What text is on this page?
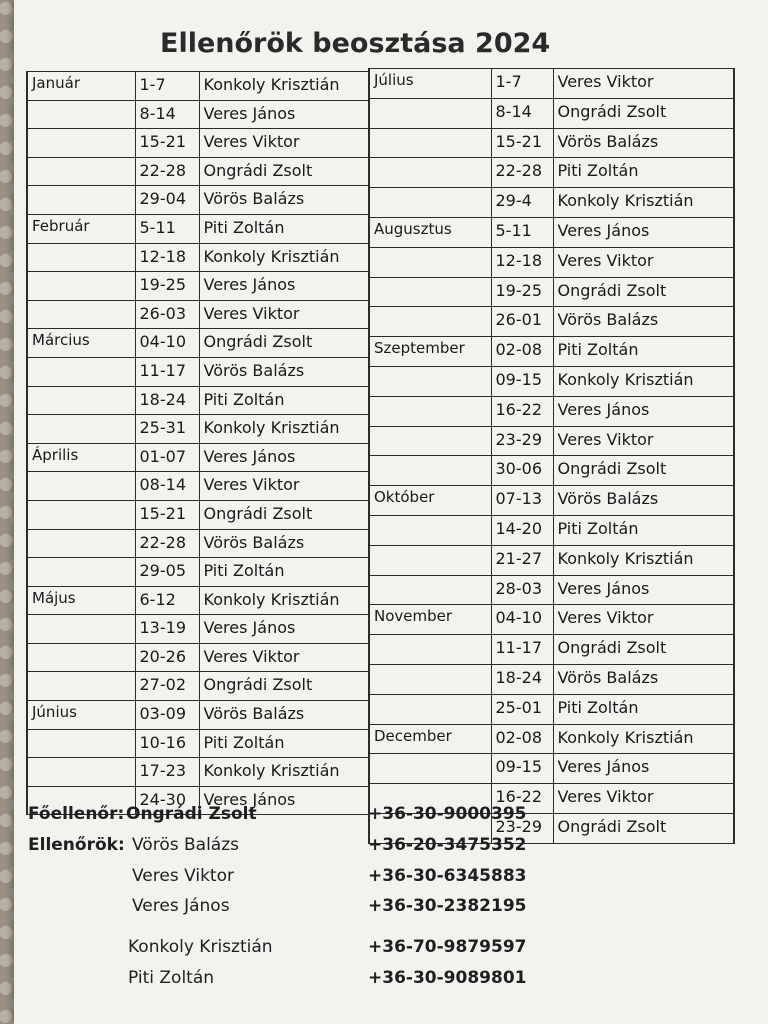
Ellenőrök beosztása 2024
Január	1-7	Konkoly Krisztián
	8-14	Veres János
	15-21	Veres Viktor
	22-28	Ongrádi Zsolt
	29-04	Vörös Balázs
Február	5-11	Piti Zoltán
	12-18	Konkoly Krisztián
	19-25	Veres János
	26-03	Veres Viktor
Március	04-10	Ongrádi Zsolt
	11-17	Vörös Balázs
	18-24	Piti Zoltán
	25-31	Konkoly Krisztián
Április	01-07	Veres János
	08-14	Veres Viktor
	15-21	Ongrádi Zsolt
	22-28	Vörös Balázs
	29-05	Piti Zoltán
Május	6-12	Konkoly Krisztián
	13-19	Veres János
	20-26	Veres Viktor
	27-02	Ongrádi Zsolt
Június	03-09	Vörös Balázs
	10-16	Piti Zoltán
	17-23	Konkoly Krisztián
	24-30	Veres János
Július	1-7	Veres Viktor
	8-14	Ongrádi Zsolt
	15-21	Vörös Balázs
	22-28	Piti Zoltán
	29-4	Konkoly Krisztián
Augusztus	5-11	Veres János
	12-18	Veres Viktor
	19-25	Ongrádi Zsolt
	26-01	Vörös Balázs
Szeptember	02-08	Piti Zoltán
	09-15	Konkoly Krisztián
	16-22	Veres János
	23-29	Veres Viktor
	30-06	Ongrádi Zsolt
Október	07-13	Vörös Balázs
	14-20	Piti Zoltán
	21-27	Konkoly Krisztián
	28-03	Veres János
November	04-10	Veres Viktor
	11-17	Ongrádi Zsolt
	18-24	Vörös Balázs
	25-01	Piti Zoltán
December	02-08	Konkoly Krisztián
	09-15	Veres János
	16-22	Veres Viktor
	23-29	Ongrádi Zsolt
Főellenőr: Ongrádi Zsolt	+36-30-9000395
Ellenőrök: Vörös Balázs	+36-20-3475352
Veres Viktor	+36-30-6345883
Veres János	+36-30-2382195
Konkoly Krisztián	+36-70-9879597
Piti Zoltán	+36-30-9089801
